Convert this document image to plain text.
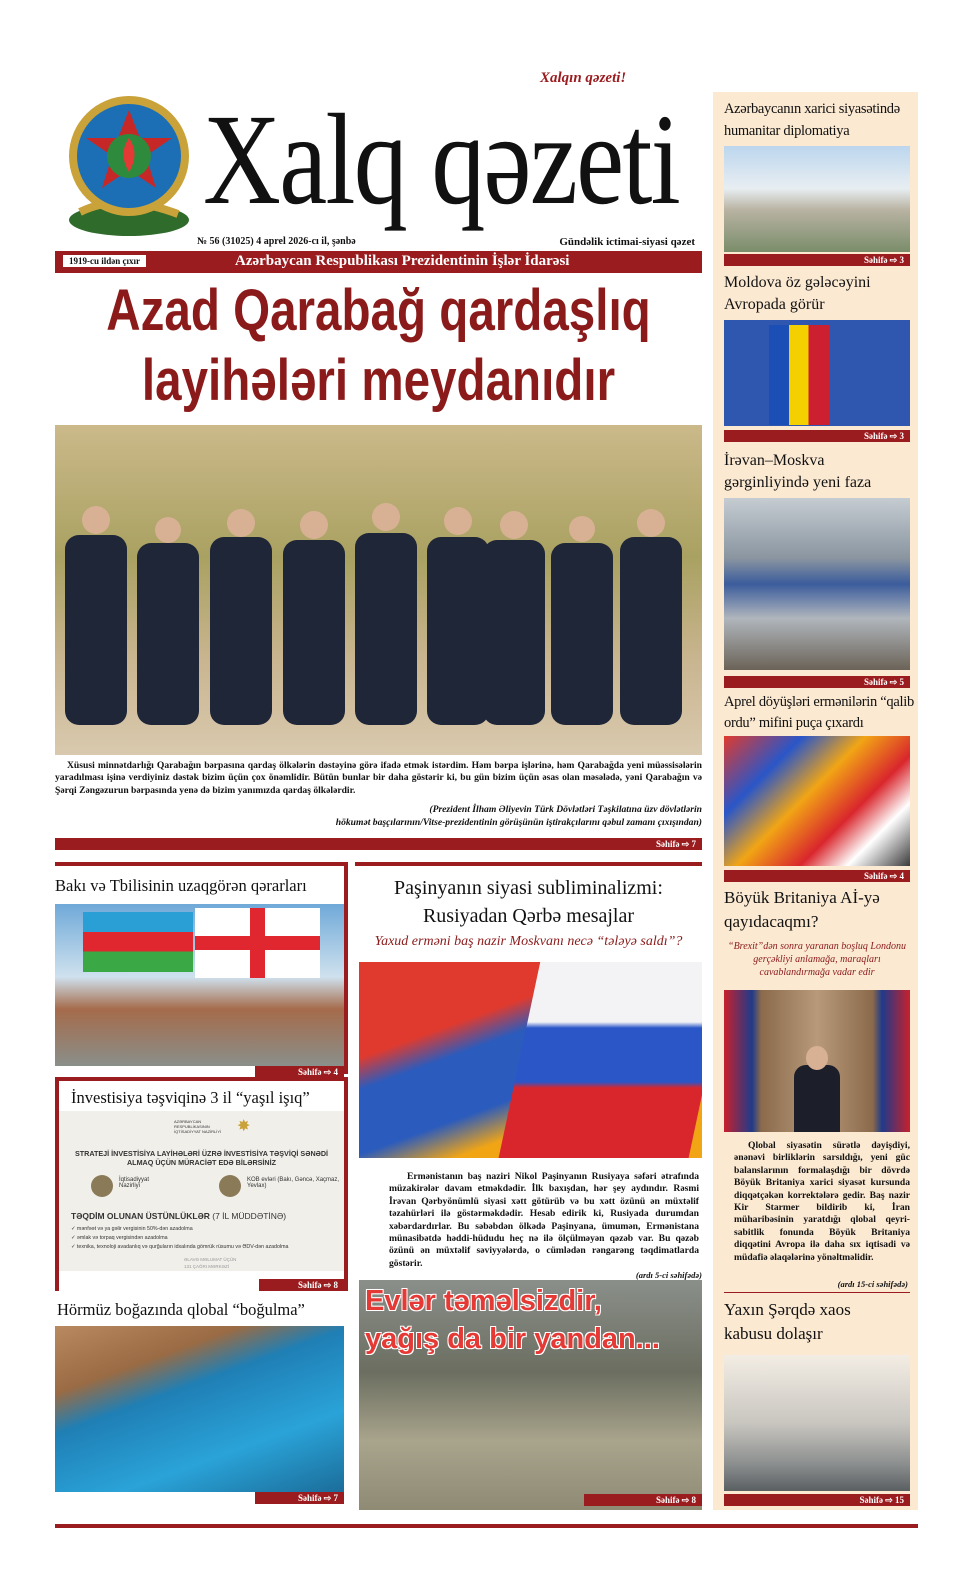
Xalq qəzeti
Xalqın qəzeti!
№ 56 (31025) 4 aprel 2026-cı il, şənbə	Gündəlik ictimai-siyasi qəzet
1919-cu ildən çıxır	Azərbaycan Respublikası Prezidentinin İşlər İdarəsi
Azad Qarabağ qardaşlıq
layihələri meydanıdır
Xüsusi minnətdarlığı Qarabağın bərpasına qardaş ölkələrin dəstəyinə görə ifadə etmək istərdim. Həm bərpa işlərinə, həm Qarabağda yeni müəssisələrin yaradılması işinə verdiyiniz dəstək bizim üçün çox önəmlidir. Bütün bunlar bir daha göstərir ki, bu gün bizim üçün əsas olan məsələdə, yəni Qarabağın və Şərqi Zəngəzurun bərpasında yenə də bizim yanımızda qardaş ölkələrdir.
(Prezident İlham Əliyevin Türk Dövlətləri Təşkilatına üzv dövlətlərin
hökumət başçılarının/Vitse-prezidentinin görüşünün iştirakçılarını qəbul zamanı çıxışından)
Səhifə ⇨ 7
Bakı və Tbilisinin uzaqgörən qərarları
Səhifə ⇨ 4
İnvestisiya təşviqinə 3 il “yaşıl işıq”
AZƏRBAYCAN RESPUBLİKASININ İQTİSADİYYAT NAZİRLİYİ ✸
STRATEJİ İNVESTİSİYA LAYİHƏLƏRİ ÜZRƏ İNVESTİSİYA TƏŞVİQİ SƏNƏDİ ALMAQ ÜÇÜN MÜRACİƏT EDƏ BİLƏRSİNİZ
İqtisadiyyat Nazirliyi
KOB evləri (Bakı, Gəncə, Xaçmaz, Yevlax)
TƏQDİM OLUNAN ÜSTÜNLÜKLƏR (7 İL MÜDDƏTİNƏ)
✓ mənfəət və ya gəlir vergisinin 50%-dən azadolma
✓ əmlak və torpaq vergisindən azadolma
✓ texnika, texnoloji avadanlıq və qurğuların idxalında gömrük rüsumu və ƏDV-dən azadolma
ƏLAVƏ MƏLUMAT ÜÇÜN
131 ÇAĞRI MƏRKƏZİ
Səhifə ⇨ 8
Hörmüz boğazında qlobal “boğulma”
Səhifə ⇨ 7
Paşinyanın siyasi subliminalizmi:
Rusiyadan Qərbə mesajlar
Yaxud erməni baş nazir Moskvanı necə “tələyə saldı”?
Ermənistanın baş naziri Nikol Paşinyanın Rusiyaya səfəri ətrafında müzakirələr davam etməkdədir. İlk baxışdan, hər şey aydındır. Rəsmi İrəvan Qərbyönümlü siyasi xətt götürüb və bu xətt özünü ən müxtəlif təzahürləri ilə göstərməkdədir. Hesab edirik ki, Rusiyada durumdan xəbərdardırlar. Bu səbəbdən ölkədə Paşinyana, ümumən, Ermənistana münasibətdə həddi-hüdudu heç nə ilə ölçülməyən qəzəb var. Bu qəzəb özünü ən müxtəlif səviyyələrdə, o cümlədən rəngarəng təqdimatlarda göstərir.
(ardı 5-ci səhifədə)
Evlər təməlsizdir,
yağış da bir yandan...
Səhifə ⇨ 8
Azərbaycanın xarici siyasətində humanitar diplomatiya
Səhifə ⇨ 3
Moldova öz gələcəyini Avropada görür
Səhifə ⇨ 3
İrəvan–Moskva gərginliyində yeni faza
Səhifə ⇨ 5
Aprel döyüşləri ermənilərin “qalib ordu” mifini puça çıxardı
Səhifə ⇨ 4
Böyük Britaniya Aİ-yə qayıdacaqmı?
“Brexit”dən sonra yaranan boşluq Londonu gerçəkliyi anlamağa, maraqları cavablandırmağa vadar edir
Qlobal siyasətin sürətlə dəyişdiyi, ənənəvi birliklərin sarsıldığı, yeni güc balanslarının formalaşdığı bir dövrdə Böyük Britaniya xarici siyasət kursunda diqqətçəkən korrektələrə gedir. Baş nazir Kir Starmer bildirib ki, İran müharibəsinin yaratdığı qlobal qeyri-sabitlik fonunda Böyük Britaniya diqqətini Avropa ilə daha sıx iqtisadi və müdafiə əlaqələrinə yönəltməlidir.
(ardı 15-ci səhifədə)
Yaxın Şərqdə xaos kabusu dolaşır
Səhifə ⇨ 15
